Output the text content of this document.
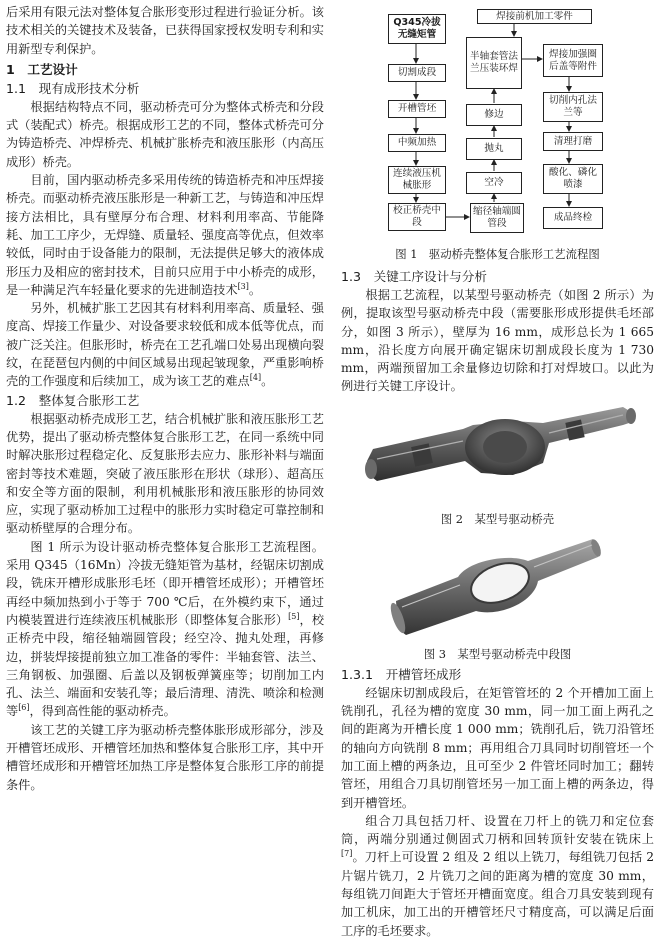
后采用有限元法对整体复合胀形变形过程进行验证分析。该技术相关的关键技术及装备，已获得国家授权发明专利和实用新型专利保护。

1　工艺设计
1.1　现有成形技术分析

根据结构特点不同，驱动桥壳可分为整体式桥壳和分段式（装配式）桥壳。根据成形工艺的不同，整体式桥壳可分为铸造桥壳、冲焊桥壳、机械扩胀桥壳和液压胀形（内高压成形）桥壳。

目前，国内驱动桥壳多采用传统的铸造桥壳和冲压焊接桥壳。而驱动桥壳液压胀形是一种新工艺，与铸造和冲压焊接方法相比，具有壁厚分布合理、材料利用率高、节能降耗、加工工序少，无焊缝、质量轻、强度高等优点，但效率较低，同时由于设备能力的限制，无法提供足够大的液体成形压力及相应的密封技术，目前只应用于中小桥壳的成形，是一种满足汽车轻量化要求的先进制造技术[3]。

另外，机械扩胀工艺因其有材料利用率高、质量轻、强度高、焊接工作量少、对设备要求较低和成本低等优点，而被广泛关注。但胀形时，桥壳在工艺孔端口处易出现横向裂纹，在琵琶包内侧的中间区域易出现起皱现象，严重影响桥壳的工作强度和后续加工，成为该工艺的难点[4]。

1.2　整体复合胀形工艺

根据驱动桥壳成形工艺，结合机械扩胀和液压胀形工艺优势，提出了驱动桥壳整体复合胀形工艺，在同一系统中同时解决胀形过程稳定化、反复胀形去应力、胀形补料与端面密封等技术难题，突破了液压胀形在形状（球形）、超高压和安全等方面的限制，利用机械胀形和液压胀形的协同效应，实现了驱动桥加工过程中的胀形力实时稳定可靠控制和驱动桥壁厚的合理分布。

图 1 所示为设计驱动桥壳整体复合胀形工艺流程图。采用 Q345（16Mn）冷拔无缝矩管为基材，经锯床切割成段，铣床开槽形成胀形毛坯（即开槽管坯成形）；开槽管坯再经中频加热到小于等于 700 ℃后，在外模约束下，通过内模装置进行连续液压机械胀形（即整体复合胀形）[5]，校正桥壳中段，缩径轴端圆管段；经空冷、抛丸处理，再修边，拼装焊接提前独立加工准备的零件：半轴套管、法兰、三角钢板、加强圈、后盖以及钢板弹簧座等；切削加工内孔、法兰、端面和安装孔等；最后清理、清洗、喷涂和检测等[6]，得到高性能的驱动桥壳。

该工艺的关键工序为驱动桥壳整体胀形成形部分，涉及开槽管坯成形、开槽管坯加热和整体复合胀形工序，其中开槽管坯成形和开槽管坯加热工序是整体复合胀形工序的前提条件。

Q345冷拔无缝矩管
切割成段
开槽管坯
中频加热
连续液压机械胀形
校正桥壳中段
焊接前机加工零件
半轴套管法兰压装环焊
修边
抛丸
空冷
缩径轴端圆管段
焊接加强圈后盖等附件
切削内孔法兰等
清理打磨
酸化、磷化喷漆
成品终检
图 1　驱动桥壳整体复合胀形工艺流程图
1.3　关键工序设计与分析

根据工艺流程，以某型号驱动桥壳（如图 2 所示）为例，提取该型号驱动桥壳中段（需要胀形成形提供毛坯部分，如图 3 所示），壁厚为 16 mm，成形总长为 1 665 mm，沿长度方向展开确定锯床切割成段长度为 1 730 mm，两端预留加工余量修边切除和打对焊坡口。以此为例进行关键工序设计。

图 2　某型号驱动桥壳
图 3　某型号驱动桥壳中段图
1.3.1　开槽管坯成形

经锯床切割成段后，在矩管管坯的 2 个开槽加工面上铣削孔，孔径为槽的宽度 30 mm，同一加工面上两孔之间的距离为开槽长度 1 000 mm；铣削孔后，铣刀沿管坯的轴向方向铣削 8 mm；再用组合刀具同时切削管坯一个加工面上槽的两条边，且可至少 2 件管坯同时加工；翻转管坯，用组合刀具切削管坯另一加工面上槽的两条边，得到开槽管坯。

组合刀具包括刀杆、设置在刀杆上的铣刀和定位套筒，两端分别通过侧固式刀柄和回转顶针安装在铣床上[7]。刀杆上可设置 2 组及 2 组以上铣刀，每组铣刀包括 2 片锯片铣刀，2 片铣刀之间的距离为槽的宽度 30 mm，每组铣刀间距大于管坯开槽面宽度。组合刀具安装到现有加工机床，加工出的开槽管坯尺寸精度高，可以满足后面工序的毛坯要求。
